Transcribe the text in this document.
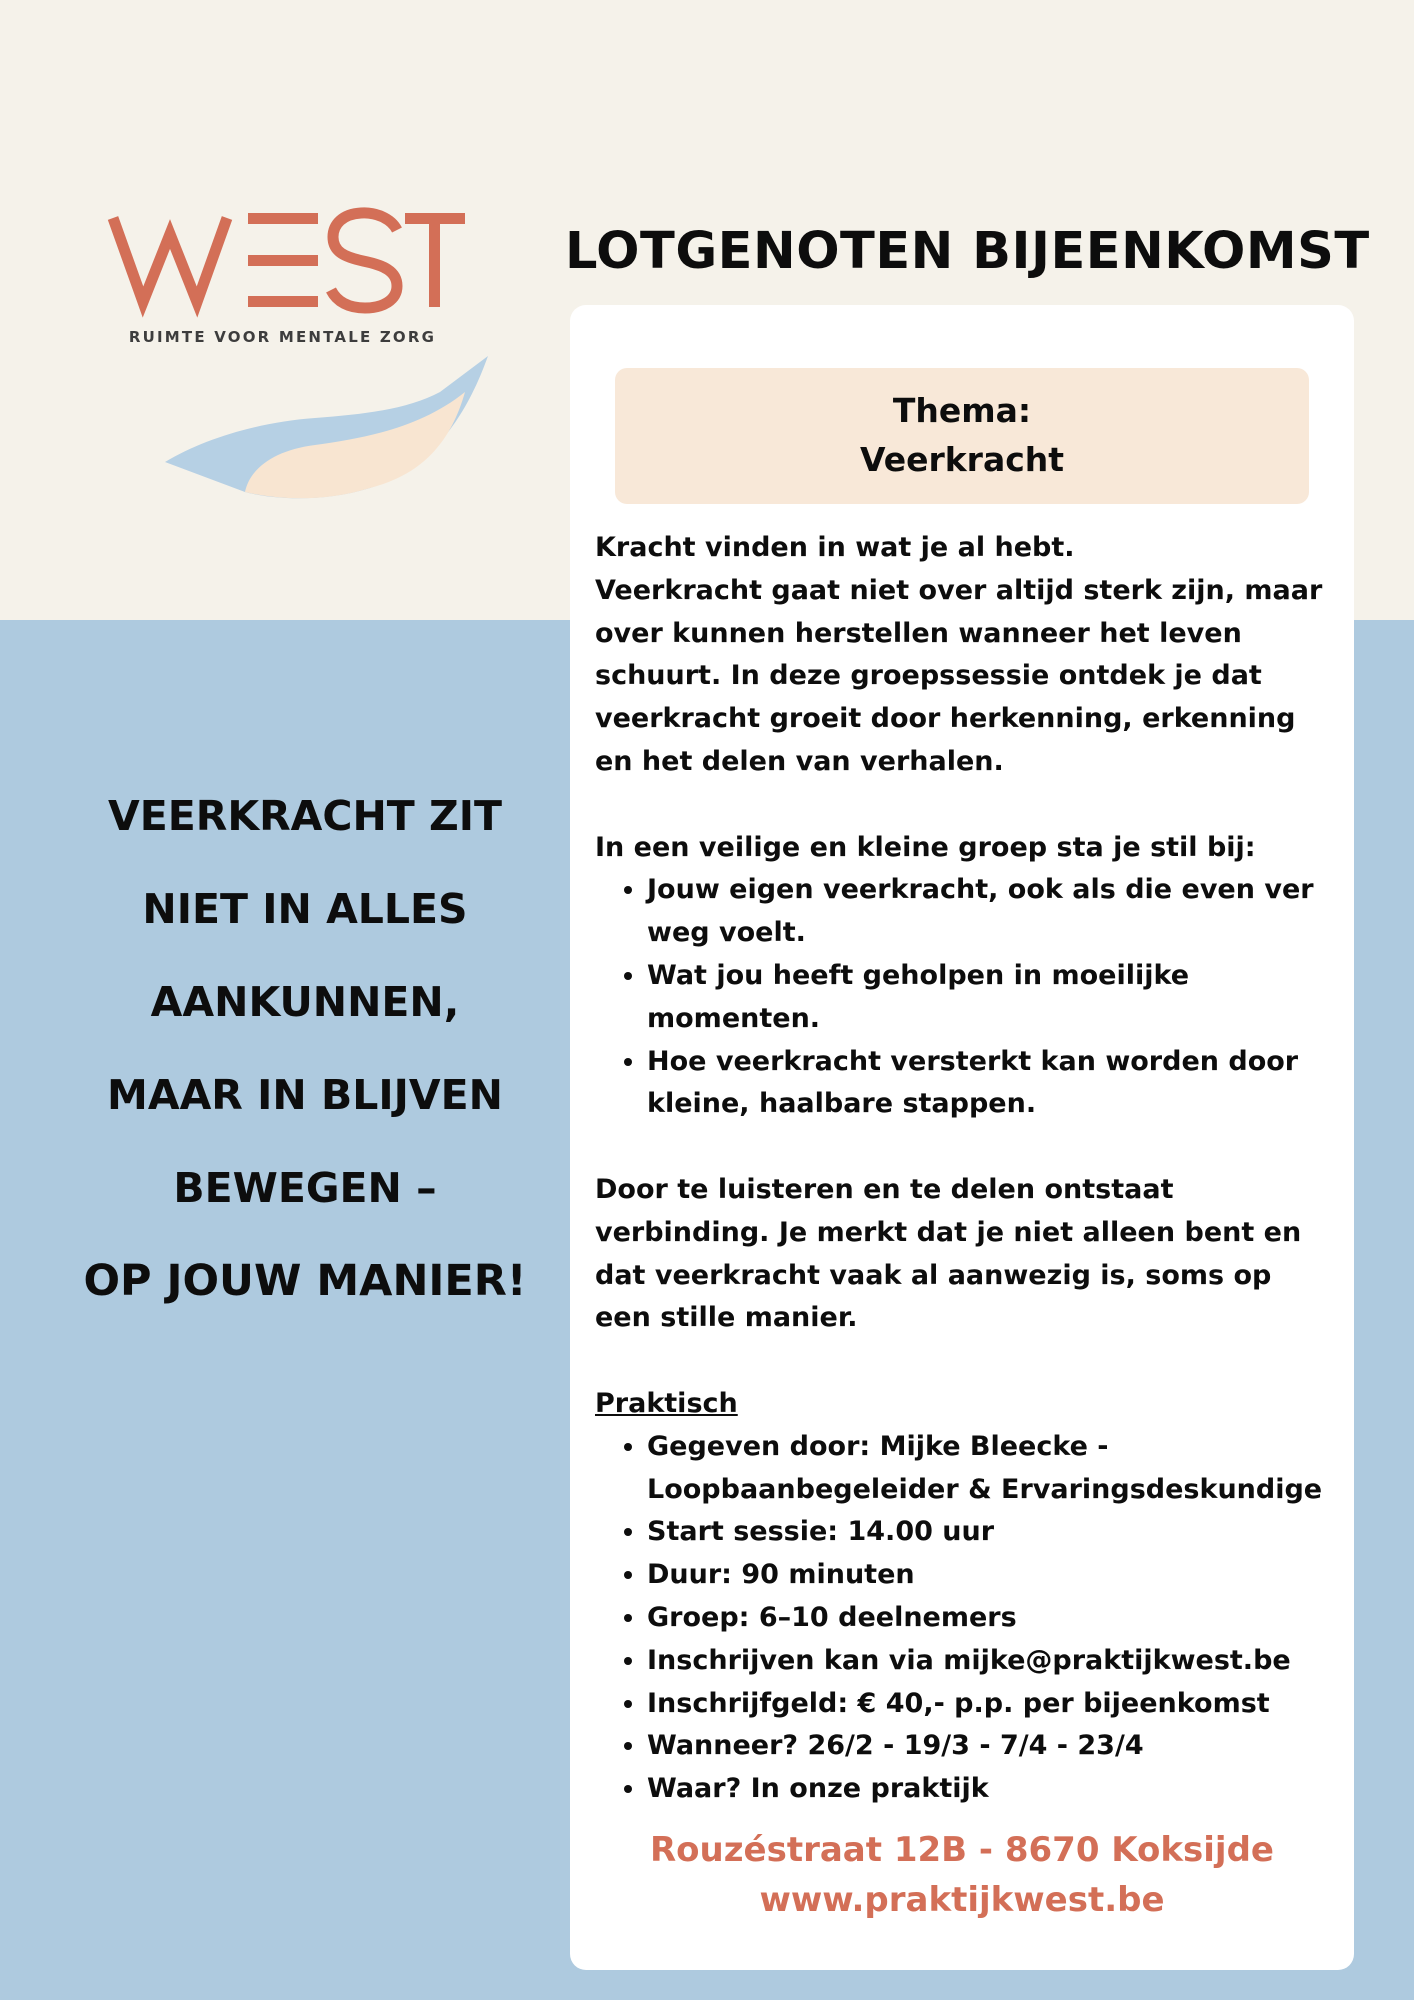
RUIMTE VOOR MENTALE ZORG
LOTGENOTEN BIJEENKOMST
VEERKRACHT ZIT
NIET IN ALLES
AANKUNNEN,
MAAR IN BLIJVEN
BEWEGEN –
OP JOUW MANIER!
Thema:
Veerkracht

Kracht vinden in wat je al hebt.

Veerkracht gaat niet over altijd sterk zijn, maar over kunnen herstellen wanneer het leven schuurt. In deze groepssessie ontdek je dat veerkracht groeit door herkenning, erkenning en het delen van verhalen.

In een veilige en kleine groep sta je stil bij:

• Jouw eigen veerkracht, ook als die even ver weg voelt.
• Wat jou heeft geholpen in moeilijke momenten.
• Hoe veerkracht versterkt kan worden door kleine, haalbare stappen.

Door te luisteren en te delen ontstaat verbinding. Je merkt dat je niet alleen bent en dat veerkracht vaak al aanwezig is, soms op een stille manier.

Praktisch

• Gegeven door: Mijke Bleecke - Loopbaanbegeleider & Ervaringsdeskundige
• Start sessie: 14.00 uur
• Duur: 90 minuten
• Groep: 6–10 deelnemers
• Inschrijven kan via mijke@praktijkwest.be
• Inschrijfgeld: € 40,- p.p. per bijeenkomst
• Wanneer? 26/2 - 19/3 - 7/4 - 23/4
• Waar? In onze praktijk
Rouzéstraat 12B - 8670 Koksijde
www.praktijkwest.be
